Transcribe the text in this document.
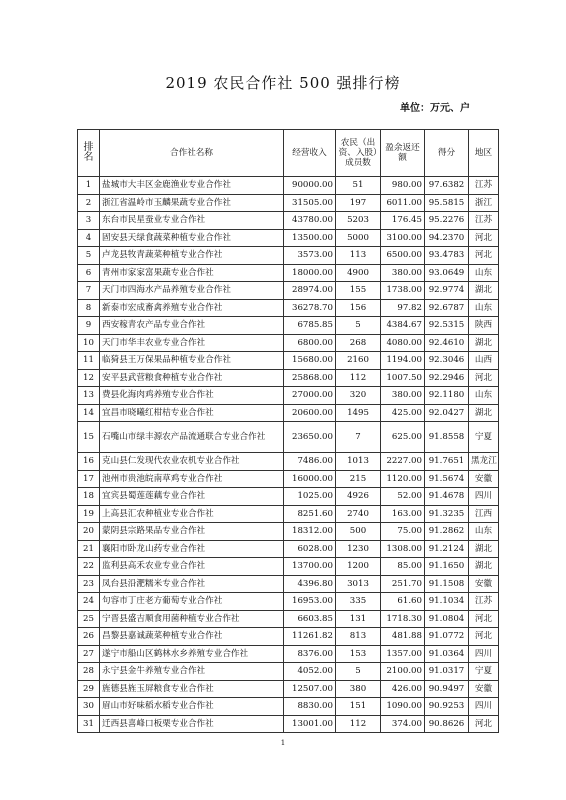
2019 农民合作社 500 强排行榜
单位：万元、户
排名	合作社名称	经营收入	农民（出资、入股）成员数	盈余返还额	得分	地区
1	盐城市大丰区金鹿渔业专业合作社	90000.00	51	980.00	97.6382	江苏
2	浙江省温岭市玉麟果蔬专业合作社	31505.00	197	6011.00	95.5815	浙江
3	东台市民星蚕业专业合作社	43780.00	5203	176.45	95.2276	江苏
4	固安县天绿食蔬菜种植专业合作社	13500.00	5000	3100.00	94.2370	河北
5	卢龙县牧青蔬菜种植专业合作社	3573.00	113	6500.00	93.4783	河北
6	青州市家家富果蔬专业合作社	18000.00	4900	380.00	93.0649	山东
7	天门市四海水产品养殖专业合作社	28974.00	155	1738.00	92.9774	湖北
8	新泰市宏成畜禽养殖专业合作社	36278.70	156	97.82	92.6787	山东
9	西安稼青农产品专业合作社	6785.85	5	4384.67	92.5315	陕西
10	天门市华丰农业专业合作社	6800.00	268	4080.00	92.4610	湖北
11	临猗县王万保果品种植专业合作社	15680.00	2160	1194.00	92.3046	山西
12	安平县武营粮食种植专业合作社	25868.00	112	1007.50	92.2946	河北
13	费县化海肉鸡养殖专业合作社	27000.00	320	380.00	92.1180	山东
14	宜昌市晓曦红柑桔专业合作社	20600.00	1495	425.00	92.0427	湖北
15	石嘴山市绿丰源农产品流通联合专业合作社	23650.00	7	625.00	91.8558	宁夏
16	克山县仁发现代农业农机专业合作社	7486.00	1013	2227.00	91.7651	黑龙江
17	池州市贵池皖南草鸡专业合作社	16000.00	215	1120.00	91.5674	安徽
18	宜宾县蜀莲莲藕专业合作社	1025.00	4926	52.00	91.4678	四川
19	上高县汇农种植业专业合作社	8251.60	2740	163.00	91.3235	江西
20	蒙阴县宗路果品专业合作社	18312.00	500	75.00	91.2862	山东
21	襄阳市卧龙山药专业合作社	6028.00	1230	1308.00	91.2124	湖北
22	监利县高禾农业专业合作社	13700.00	1200	85.00	91.1650	湖北
23	凤台县沿淝糯米专业合作社	4396.80	3013	251.70	91.1508	安徽
24	句容市丁庄老方葡萄专业合作社	16953.00	335	61.60	91.1034	江苏
25	宁晋县盛吉顺食用菌种植专业合作社	6603.85	131	1718.30	91.0804	河北
26	昌黎县嘉诚蔬菜种植专业合作社	11261.82	813	481.88	91.0772	河北
27	遂宁市船山区鹤林水乡养殖专业合作社	8376.00	153	1357.00	91.0364	四川
28	永宁县金牛养殖专业合作社	4052.00	5	2100.00	91.0317	宁夏
29	旌德县旌玉屏粮食专业合作社	12507.00	380	426.00	90.9497	安徽
30	眉山市好味稻水稻专业合作社	8830.00	151	1090.00	90.9253	四川
31	迁西县喜峰口板栗专业合作社	13001.00	112	374.00	90.8626	河北
1
